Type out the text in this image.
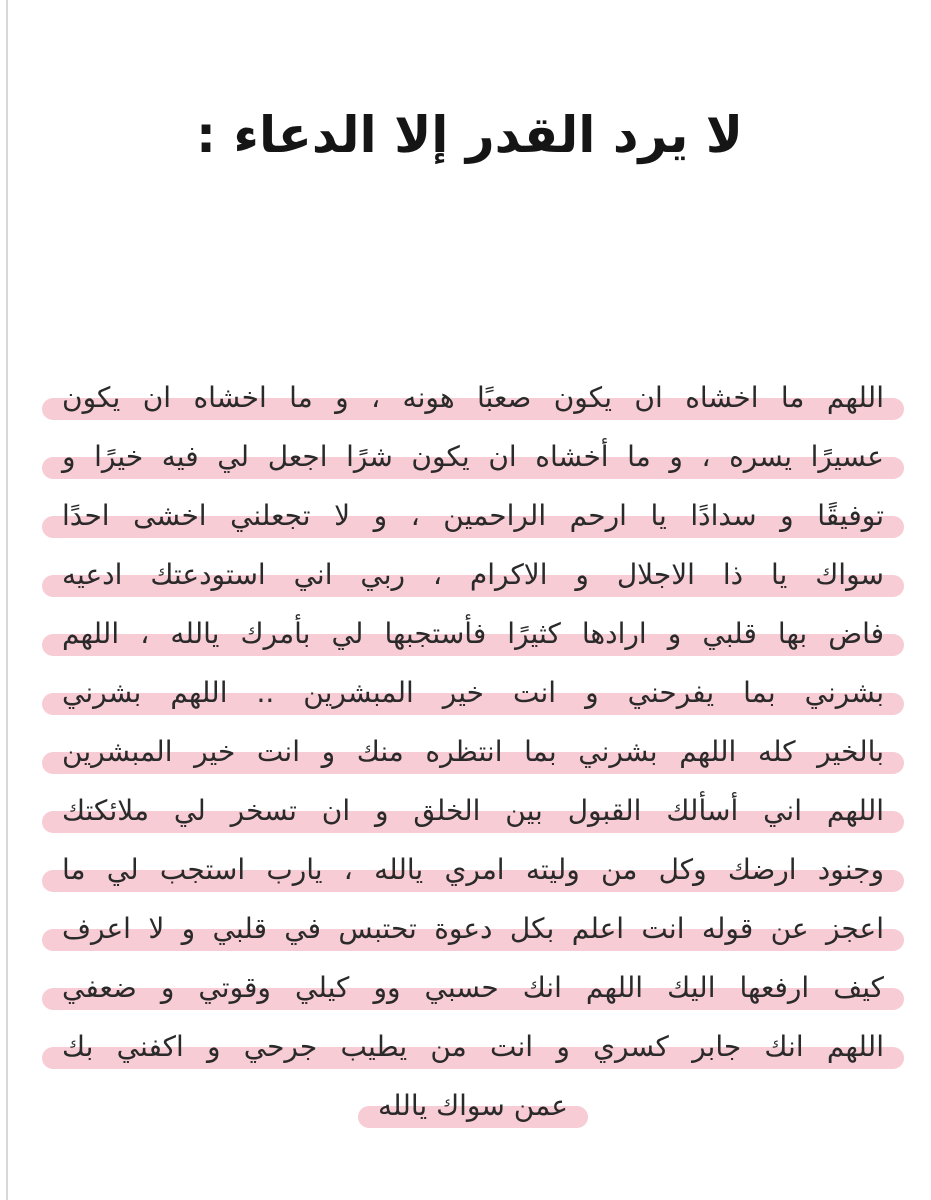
لا يرد القدر إلا الدعاء :
اللهم ما اخشاه ان يكون صعبًا هونه ، و ما اخشاه ان يكون
عسيرًا يسره ، و ما أخشاه ان يكون شرًا اجعل لي فيه خيرًا و
توفيقًا و سدادًا يا ارحم الراحمين ، و لا تجعلني اخشى احدًا
سواك يا ذا الاجلال و الاكرام ، ربي اني استودعتك ادعيه
فاض بها قلبي و ارادها كثيرًا فأستجبها لي بأمرك يالله ، اللهم
بشرني بما يفرحني و انت خير المبشرين .. اللهم بشرني
بالخير كله اللهم بشرني بما انتظره منك و انت خير المبشرين
اللهم اني أسألك القبول بين الخلق و ان تسخر لي ملائكتك
وجنود ارضك وكل من وليته امري يالله ، يارب استجب لي ما
اعجز عن قوله انت اعلم بكل دعوة تحتبس في قلبي و لا اعرف
كيف ارفعها اليك اللهم انك حسبي وو كيلي وقوتي و ضعفي
اللهم انك جابر كسري و انت من يطيب جرحي و اكفني بك
عمن سواك يالله
